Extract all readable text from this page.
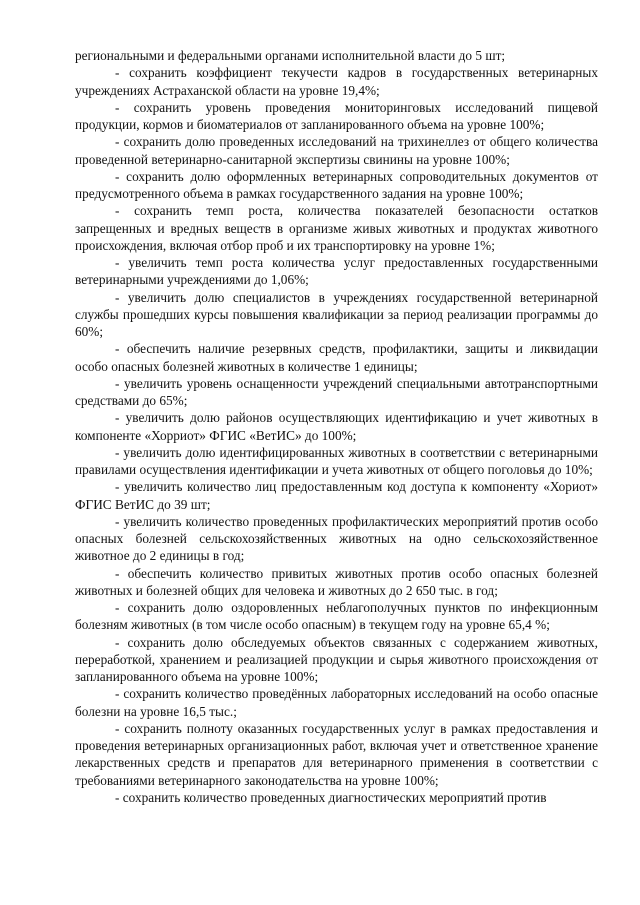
региональными и федеральными органами исполнительной власти до 5 шт;

- сохранить коэффициент текучести кадров в государственных ветеринарных учреждениях Астраханской области на уровне 19,4%;

- сохранить уровень проведения мониторинговых исследований пищевой продукции, кормов и биоматериалов от запланированного объема на уровне 100%;

- сохранить долю проведенных исследований на трихинеллез от общего количества проведенной ветеринарно-санитарной экспертизы свинины на уровне 100%;

- сохранить долю оформленных ветеринарных сопроводительных документов от предусмотренного объема в рамках государственного задания на уровне 100%;

- сохранить темп роста, количества показателей безопасности остатков запрещенных и вредных веществ в организме живых животных и продуктах животного происхождения, включая отбор проб и их транспортировку на уровне 1%;

- увеличить темп роста количества услуг предоставленных государственными ветеринарными учреждениями до 1,06%;

- увеличить долю специалистов в учреждениях государственной ветеринарной службы прошедших курсы повышения квалификации за период реализации программы до 60%;

- обеспечить наличие резервных средств, профилактики, защиты и ликвидации особо опасных болезней животных в количестве 1 единицы;

- увеличить уровень оснащенности учреждений специальными автотранспортными средствами до 65%;

- увеличить долю районов осуществляющих идентификацию и учет животных в компоненте «Хорриот» ФГИС «ВетИС» до 100%;

- увеличить долю идентифицированных животных в соответствии с ветеринарными правилами осуществления идентификации и учета животных от общего поголовья до 10%;

- увеличить количество лиц предоставленным код доступа к компоненту «Хориот» ФГИС ВетИС до 39 шт;

- увеличить количество проведенных профилактических мероприятий против особо опасных болезней сельскохозяйственных животных на одно сельскохозяйственное животное до 2 единицы в год;

- обеспечить количество привитых животных против особо опасных болезней животных и болезней общих для человека и животных до 2 650 тыс. в год;

- сохранить долю оздоровленных неблагополучных пунктов по инфекционным болезням животных (в том числе особо опасным) в текущем году на уровне 65,4 %;

- сохранить долю обследуемых объектов связанных с содержанием животных, переработкой, хранением и реализацией продукции и сырья животного происхождения от запланированного объема на уровне 100%;

- сохранить количество проведённых лабораторных исследований на особо опасные болезни на уровне 16,5 тыс.;

- сохранить полноту оказанных государственных услуг в рамках предоставления и проведения ветеринарных организационных работ, включая учет и ответственное хранение лекарственных средств и препаратов для ветеринарного применения в соответствии с требованиями ветеринарного законодательства на уровне 100%;

- сохранить количество проведенных диагностических мероприятий против
